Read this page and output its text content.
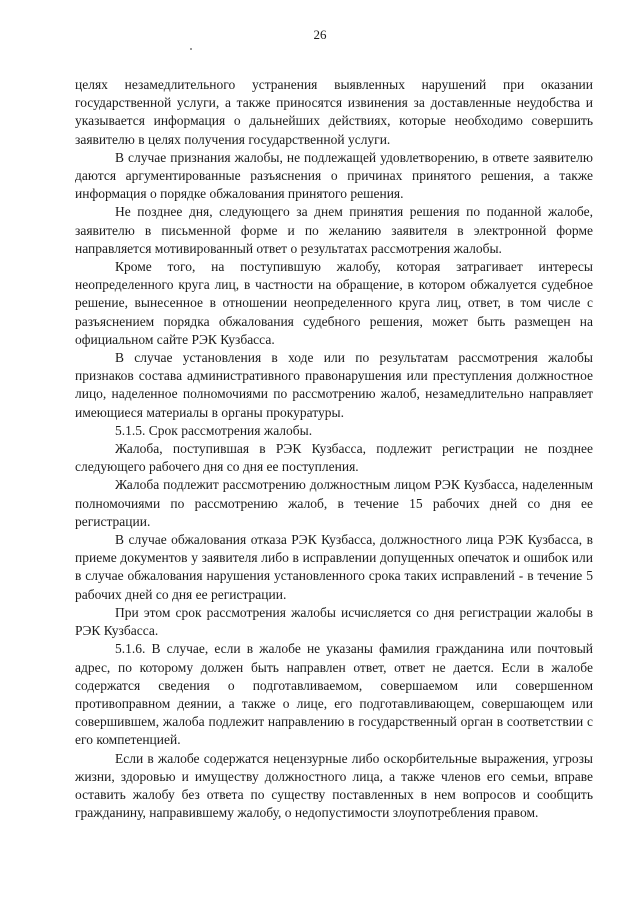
26

целях незамедлительного устранения выявленных нарушений при оказании государственной услуги, а также приносятся извинения за доставленные неудобства и указывается информация о дальнейших действиях, которые необходимо совершить заявителю в целях получения государственной услуги.

В случае признания жалобы, не подлежащей удовлетворению, в ответе заявителю даются аргументированные разъяснения о причинах принятого решения, а также информация о порядке обжалования принятого решения.

Не позднее дня, следующего за днем принятия решения по поданной жалобе, заявителю в письменной форме и по желанию заявителя в электронной форме направляется мотивированный ответ о результатах рассмотрения жалобы.

Кроме того, на поступившую жалобу, которая затрагивает интересы неопределенного круга лиц, в частности на обращение, в котором обжалуется судебное решение, вынесенное в отношении неопределенного круга лиц, ответ, в том числе с разъяснением порядка обжалования судебного решения, может быть размещен на официальном сайте РЭК Кузбасса.

В случае установления в ходе или по результатам рассмотрения жалобы признаков состава административного правонарушения или преступления должностное лицо, наделенное полномочиями по рассмотрению жалоб, незамедлительно направляет имеющиеся материалы в органы прокуратуры.

5.1.5. Срок рассмотрения жалобы.

Жалоба, поступившая в РЭК Кузбасса, подлежит регистрации не позднее следующего рабочего дня со дня ее поступления.

Жалоба подлежит рассмотрению должностным лицом РЭК Кузбасса, наделенным полномочиями по рассмотрению жалоб, в течение 15 рабочих дней со дня ее регистрации.

В случае обжалования отказа РЭК Кузбасса, должностного лица РЭК Кузбасса, в приеме документов у заявителя либо в исправлении допущенных опечаток и ошибок или в случае обжалования нарушения установленного срока таких исправлений - в течение 5 рабочих дней со дня ее регистрации.

При этом срок рассмотрения жалобы исчисляется со дня регистрации жалобы в РЭК Кузбасса.

5.1.6. В случае, если в жалобе не указаны фамилия гражданина или почтовый адрес, по которому должен быть направлен ответ, ответ не дается. Если в жалобе содержатся сведения о подготавливаемом, совершаемом или совершенном противоправном деянии, а также о лице, его подготавливающем, совершающем или совершившем, жалоба подлежит направлению в государственный орган в соответствии с его компетенцией.

Если в жалобе содержатся нецензурные либо оскорбительные выражения, угрозы жизни, здоровью и имуществу должностного лица, а также членов его семьи, вправе оставить жалобу без ответа по существу поставленных в нем вопросов и сообщить гражданину, направившему жалобу, о недопустимости злоупотребления правом.
